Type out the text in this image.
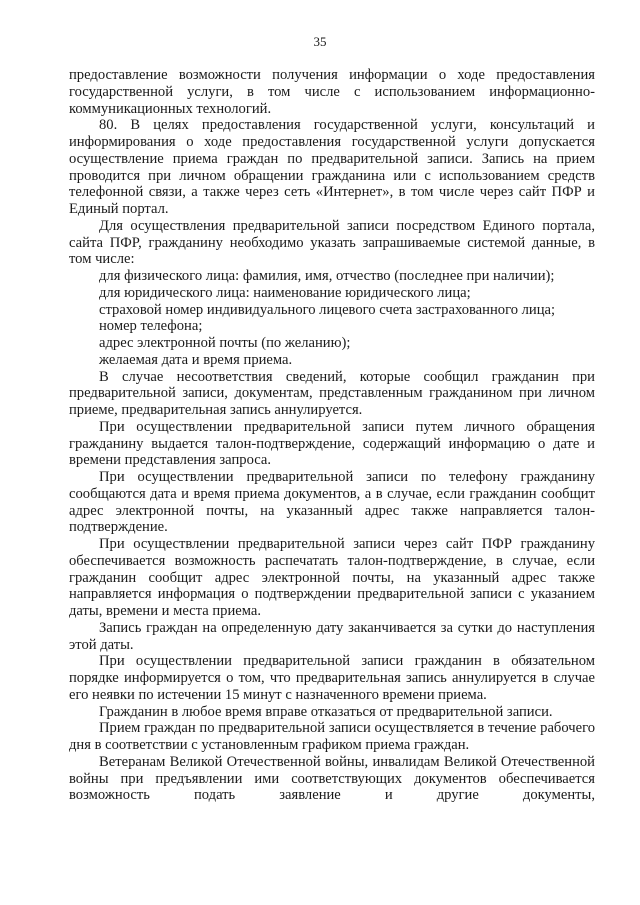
35

предоставление возможности получения информации о ходе предоставления государственной услуги, в том числе с использованием информационно-коммуникационных технологий.

80. В целях предоставления государственной услуги, консультаций и информирования о ходе предоставления государственной услуги допускается осуществление приема граждан по предварительной записи. Запись на прием проводится при личном обращении гражданина или с использованием средств телефонной связи, а также через сеть «Интернет», в том числе через сайт ПФР и Единый портал.

Для осуществления предварительной записи посредством Единого портала, сайта ПФР, гражданину необходимо указать запрашиваемые системой данные, в том числе:

для физического лица: фамилия, имя, отчество (последнее при наличии);

для юридического лица: наименование юридического лица;

страховой номер индивидуального лицевого счета застрахованного лица;

номер телефона;

адрес электронной почты (по желанию);

желаемая дата и время приема.

В случае несоответствия сведений, которые сообщил гражданин при предварительной записи, документам, представленным гражданином при личном приеме, предварительная запись аннулируется.

При осуществлении предварительной записи путем личного обращения гражданину выдается талон-подтверждение, содержащий информацию о дате и времени представления запроса.

При осуществлении предварительной записи по телефону гражданину сообщаются дата и время приема документов, а в случае, если гражданин сообщит адрес электронной почты, на указанный адрес также направляется талон-подтверждение.

При осуществлении предварительной записи через сайт ПФР гражданину обеспечивается возможность распечатать талон-подтверждение, в случае, если гражданин сообщит адрес электронной почты, на указанный адрес также направляется информация о подтверждении предварительной записи с указанием даты, времени и места приема.

Запись граждан на определенную дату заканчивается за сутки до наступления этой даты.

При осуществлении предварительной записи гражданин в обязательном порядке информируется о том, что предварительная запись аннулируется в случае его неявки по истечении 15 минут с назначенного времени приема.

Гражданин в любое время вправе отказаться от предварительной записи.

Прием граждан по предварительной записи осуществляется в течение рабочего дня в соответствии с установленным графиком приема граждан.

Ветеранам Великой Отечественной войны, инвалидам Великой Отечественной войны при предъявлении ими соответствующих документов обеспечивается возможность подать заявление и другие документы,
